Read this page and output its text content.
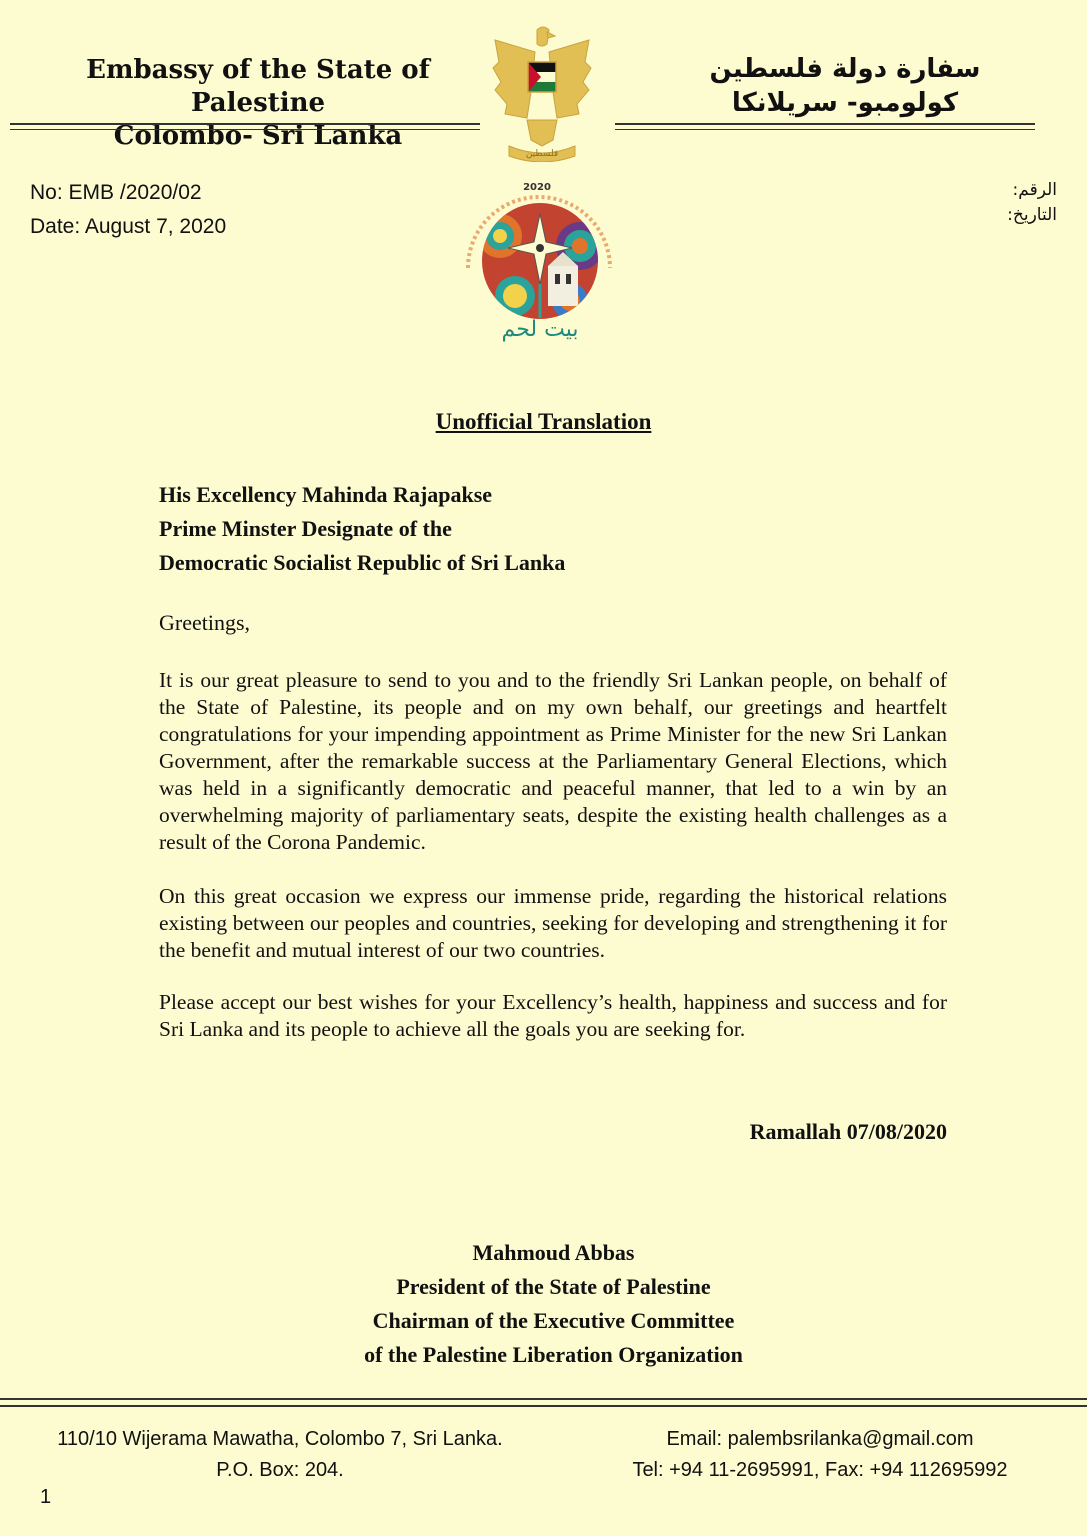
Embassy of the State of Palestine
Colombo- Sri Lanka
فلسطين
سفارة دولة فلسطين
كولومبو- سريلانكا
No: EMB /2020/02
Date: August 7, 2020
الرقم:
التاريخ:
2020
بيت لحم
Unofficial Translation
His Excellency Mahinda Rajapakse
Prime Minster Designate of the
Democratic Socialist Republic of Sri Lanka
Greetings,
It is our great pleasure to send to you and to the friendly Sri Lankan people, on behalf of the State of Palestine, its people and on my own behalf, our greetings and heartfelt congratulations for your impending appointment as Prime Minister for the new Sri Lankan Government, after the remarkable success at the Parliamentary General Elections, which was held in a significantly democratic and peaceful manner, that led to a win by an overwhelming majority of parliamentary seats, despite the existing health challenges as a result of the Corona Pandemic.
On this great occasion we express our immense pride, regarding the historical relations existing between our peoples and countries, seeking for developing and strengthening it for the benefit and mutual interest of our two countries.
Please accept our best wishes for your Excellency’s health, happiness and success and for Sri Lanka and its people to achieve all the goals you are seeking for.
Ramallah 07/08/2020
Mahmoud Abbas
President of the State of Palestine
Chairman of the Executive Committee
of the Palestine Liberation Organization
110/10 Wijerama Mawatha, Colombo 7, Sri Lanka.
P.O. Box: 204.
Email: palembsrilanka@gmail.com
Tel: +94 11-2695991, Fax: +94 112695992
1
